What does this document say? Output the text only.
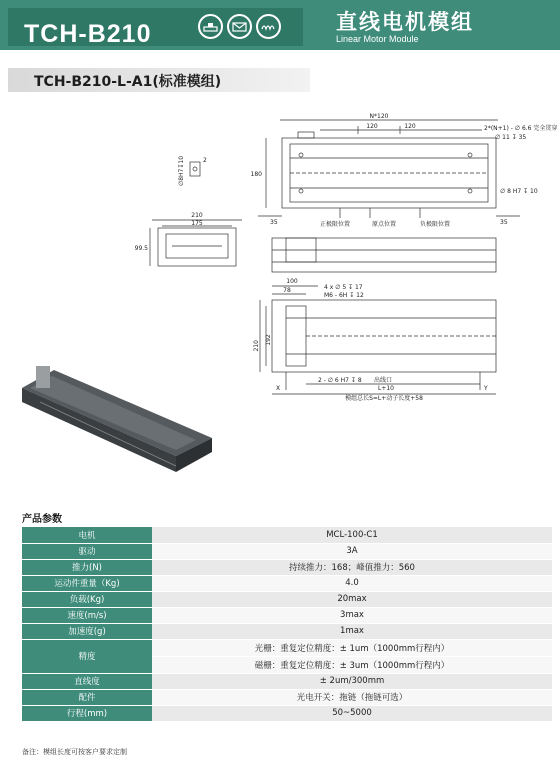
TCH-B210	直线电机模组
Linear Motor Module
TCH-B210-L-A1(标准模组)
N*120
120	120	2*(N+1) - ∅ 6.6 完全贯穿
∅ 11 ↧ 35
180
∅ 8 H7 ↧ 10
35	35
正极限位置	原点位置	负极限位置
210
175
99.5
∅8H7↧10	2
100
78	4 x ∅ 5 ↧ 17
M6 - 6H ↧ 12
210 192
2 - ∅ 6 H7 ↧ 8 出线口
L+10
X	Y
模组总长S=L+动子长度+58
产品参数
电机	MCL-100-C1
驱动	3A
推力(N)	持续推力：168；峰值推力：560
运动件重量（Kg)	4.0
负载(Kg)	20max
速度(m/s)	3max
加速度(g)	1max
精度	光栅：重复定位精度：± 1um（1000mm行程内）
	磁栅：重复定位精度：± 3um（1000mm行程内）
直线度	± 2um/300mm
配件	光电开关：拖链（拖链可选）
行程(mm)	50~5000
备注：模组长度可按客户要求定制
